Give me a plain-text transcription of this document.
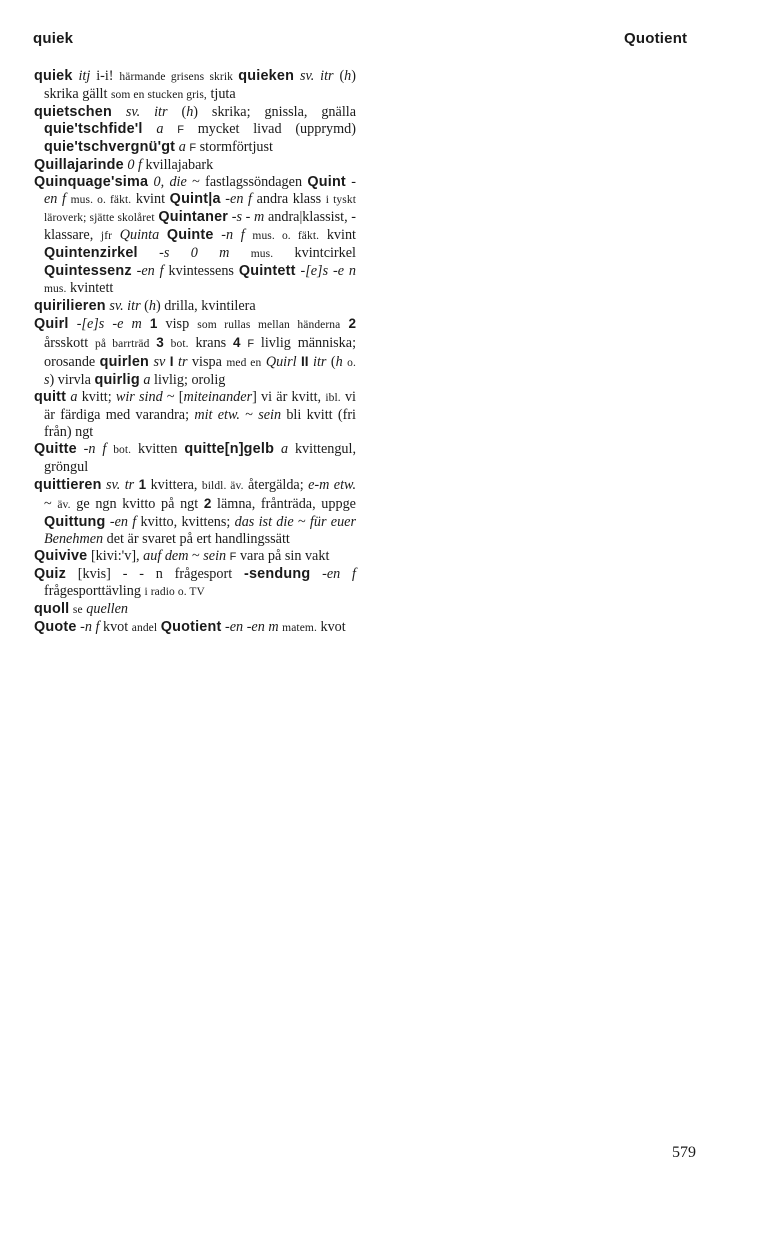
quiek	Quotient
quiek itj i-i! härmande grisens skrik quieken sv. itr (h) skrika gällt som en stucken gris, tjuta
quietschen sv. itr (h) skrika; gnissla, gnälla quie'tschfide'l a F mycket livad (upprymd) quie'tschvergnü'gt a F stormförtjust
Quillajarinde 0 f kvillajabark
Quinquage'sima 0, die ~ fastlagssöndagen Quint -en f mus. o. fäkt. kvint Quint|a -en f andra klass i tyskt läroverk; sjätte skolåret Quintaner -s - m andra|klassist, -klassare, jfr Quinta Quinte -n f mus. o. fäkt. kvint Quintenzirkel -s 0 m mus. kvintcirkel Quintessenz -en f kvintessens Quintett -[e]s -e n mus. kvintett
quirilieren sv. itr (h) drilla, kvintilera
Quirl -[e]s -e m 1 visp som rullas mellan händerna 2 årsskott på barrträd 3 bot. krans 4 F livlig människa; orosande quirlen sv I tr vispa med en Quirl II itr (h o. s) virvla quirlig a livlig; orolig
quitt a kvitt; wir sind ~ [miteinander] vi är kvitt, ibl. vi är färdiga med varandra; mit etw. ~ sein bli kvitt (fri från) ngt
Quitte -n f bot. kvitten quitte[n]gelb a kvittengul, gröngul
quittieren sv. tr 1 kvittera, bildl. äv. återgälda; e-m etw. ~ äv. ge ngn kvitto på ngt 2 lämna, frånträda, uppge Quittung -en f kvitto, kvittens; das ist die ~ für euer Benehmen det är svaret på ert handlingssätt
Quivive [kivi:'v], auf dem ~ sein F vara på sin vakt
Quiz [kvis] - - n frågesport -sendung -en f frågesporttävling i radio o. TV
quoll se quellen
Quote -n f kvot andel Quotient -en -en m matem. kvot
579
